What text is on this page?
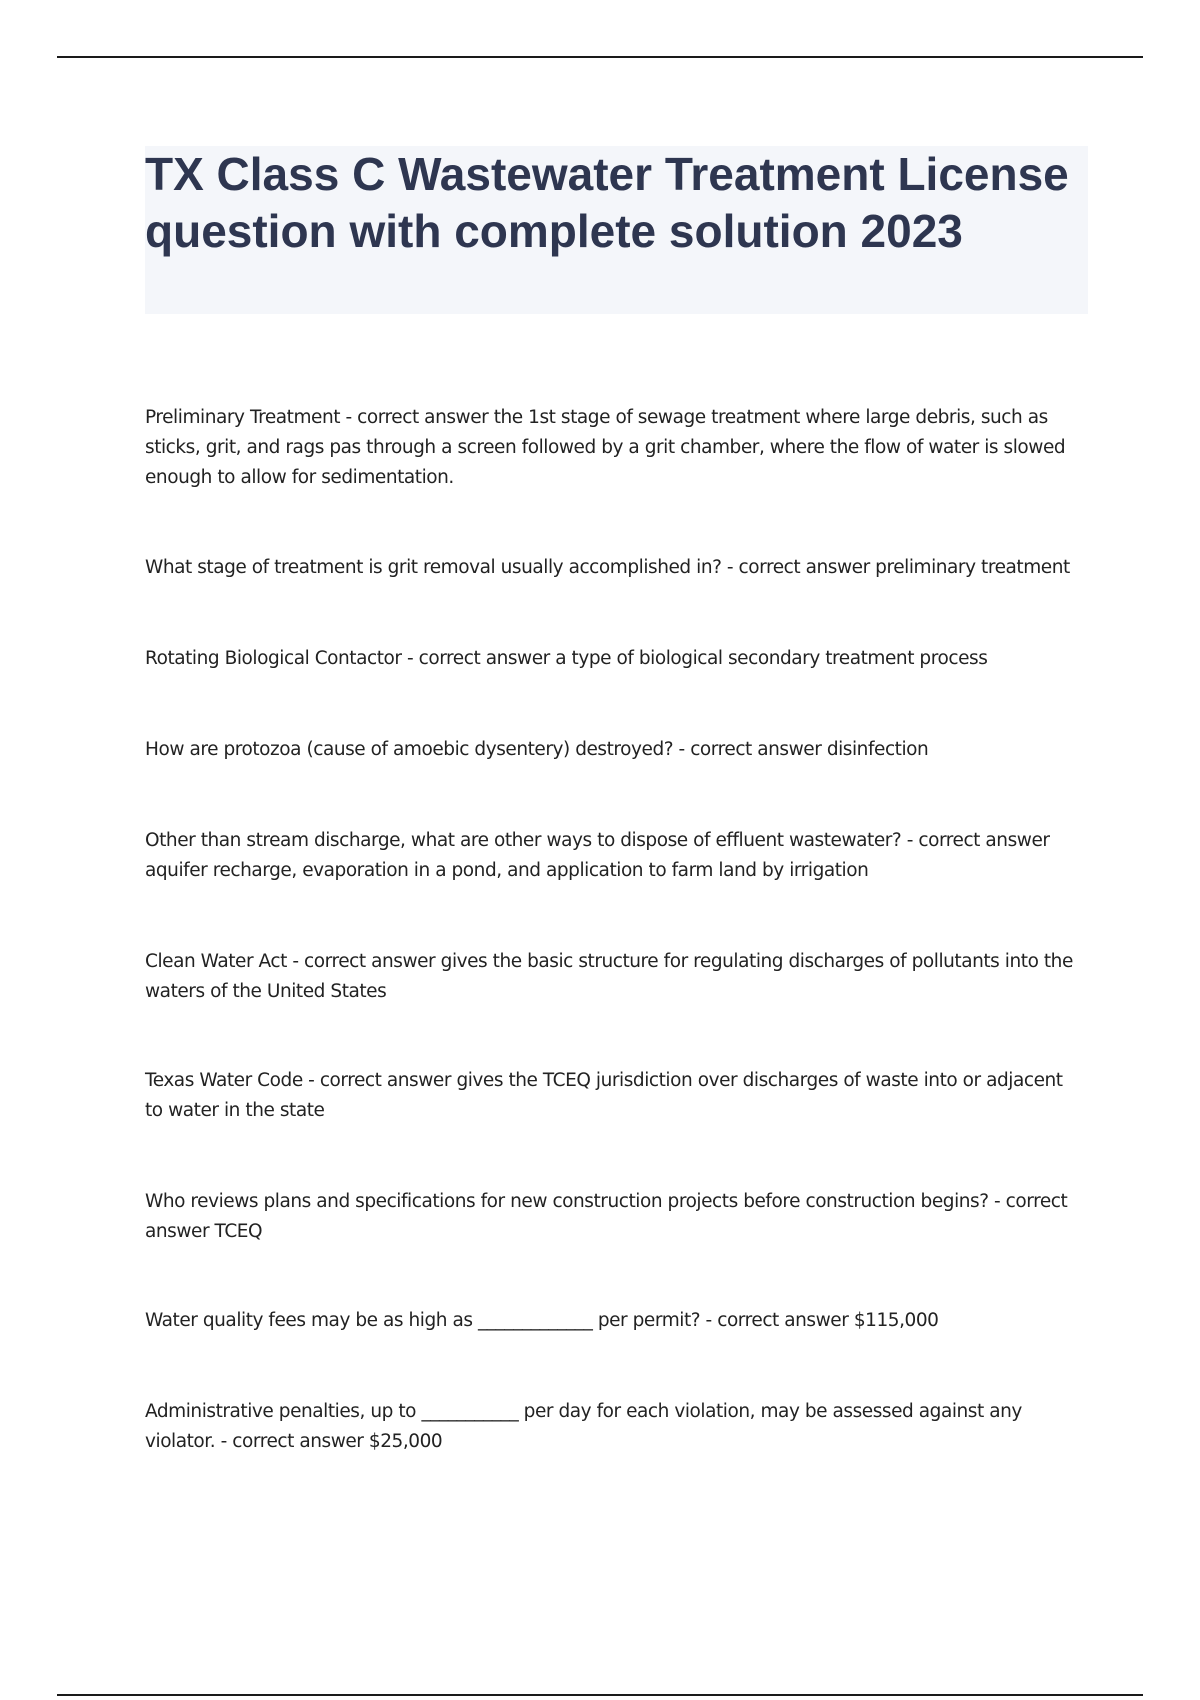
TX Class C Wastewater Treatment License question with complete solution 2023
Preliminary Treatment - correct answer the 1st stage of sewage treatment where large debris, such as sticks, grit, and rags pas through a screen followed by a grit chamber, where the flow of water is slowed enough to allow for sedimentation.
What stage of treatment is grit removal usually accomplished in? - correct answer preliminary treatment
Rotating Biological Contactor - correct answer a type of biological secondary treatment process
How are protozoa (cause of amoebic dysentery) destroyed? - correct answer disinfection
Other than stream discharge, what are other ways to dispose of effluent wastewater? - correct answer aquifer recharge, evaporation in a pond, and application to farm land by irrigation
Clean Water Act - correct answer gives the basic structure for regulating discharges of pollutants into the waters of the United States
Texas Water Code - correct answer gives the TCEQ jurisdiction over discharges of waste into or adjacent to water in the state
Who reviews plans and specifications for new construction projects before construction begins? - correct answer TCEQ
Water quality fees may be as high as _____________ per permit? - correct answer $115,000
Administrative penalties, up to ___________ per day for each violation, may be assessed against any violator. - correct answer $25,000
